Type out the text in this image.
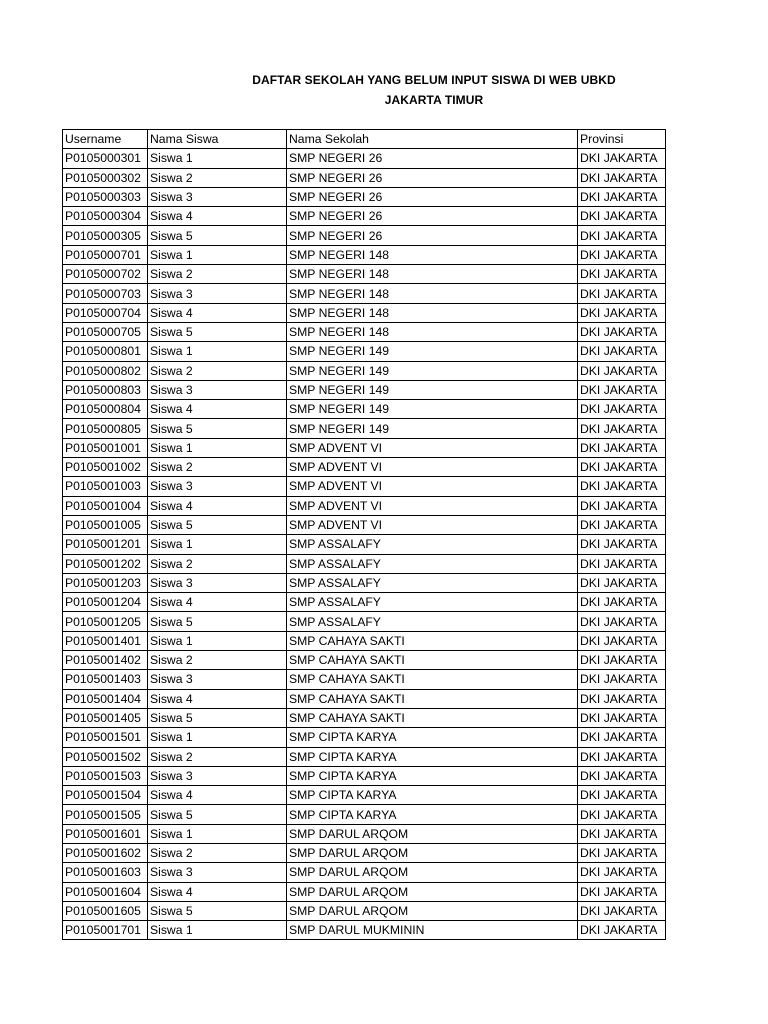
DAFTAR SEKOLAH YANG BELUM INPUT SISWA DI WEB UBKD
JAKARTA TIMUR
Username	Nama Siswa	Nama Sekolah	Provinsi
P0105000301	Siswa 1	SMP NEGERI 26	DKI JAKARTA
P0105000302	Siswa 2	SMP NEGERI 26	DKI JAKARTA
P0105000303	Siswa 3	SMP NEGERI 26	DKI JAKARTA
P0105000304	Siswa 4	SMP NEGERI 26	DKI JAKARTA
P0105000305	Siswa 5	SMP NEGERI 26	DKI JAKARTA
P0105000701	Siswa 1	SMP NEGERI 148	DKI JAKARTA
P0105000702	Siswa 2	SMP NEGERI 148	DKI JAKARTA
P0105000703	Siswa 3	SMP NEGERI 148	DKI JAKARTA
P0105000704	Siswa 4	SMP NEGERI 148	DKI JAKARTA
P0105000705	Siswa 5	SMP NEGERI 148	DKI JAKARTA
P0105000801	Siswa 1	SMP NEGERI 149	DKI JAKARTA
P0105000802	Siswa 2	SMP NEGERI 149	DKI JAKARTA
P0105000803	Siswa 3	SMP NEGERI 149	DKI JAKARTA
P0105000804	Siswa 4	SMP NEGERI 149	DKI JAKARTA
P0105000805	Siswa 5	SMP NEGERI 149	DKI JAKARTA
P0105001001	Siswa 1	SMP ADVENT VI	DKI JAKARTA
P0105001002	Siswa 2	SMP ADVENT VI	DKI JAKARTA
P0105001003	Siswa 3	SMP ADVENT VI	DKI JAKARTA
P0105001004	Siswa 4	SMP ADVENT VI	DKI JAKARTA
P0105001005	Siswa 5	SMP ADVENT VI	DKI JAKARTA
P0105001201	Siswa 1	SMP ASSALAFY	DKI JAKARTA
P0105001202	Siswa 2	SMP ASSALAFY	DKI JAKARTA
P0105001203	Siswa 3	SMP ASSALAFY	DKI JAKARTA
P0105001204	Siswa 4	SMP ASSALAFY	DKI JAKARTA
P0105001205	Siswa 5	SMP ASSALAFY	DKI JAKARTA
P0105001401	Siswa 1	SMP CAHAYA SAKTI	DKI JAKARTA
P0105001402	Siswa 2	SMP CAHAYA SAKTI	DKI JAKARTA
P0105001403	Siswa 3	SMP CAHAYA SAKTI	DKI JAKARTA
P0105001404	Siswa 4	SMP CAHAYA SAKTI	DKI JAKARTA
P0105001405	Siswa 5	SMP CAHAYA SAKTI	DKI JAKARTA
P0105001501	Siswa 1	SMP CIPTA KARYA	DKI JAKARTA
P0105001502	Siswa 2	SMP CIPTA KARYA	DKI JAKARTA
P0105001503	Siswa 3	SMP CIPTA KARYA	DKI JAKARTA
P0105001504	Siswa 4	SMP CIPTA KARYA	DKI JAKARTA
P0105001505	Siswa 5	SMP CIPTA KARYA	DKI JAKARTA
P0105001601	Siswa 1	SMP DARUL ARQOM	DKI JAKARTA
P0105001602	Siswa 2	SMP DARUL ARQOM	DKI JAKARTA
P0105001603	Siswa 3	SMP DARUL ARQOM	DKI JAKARTA
P0105001604	Siswa 4	SMP DARUL ARQOM	DKI JAKARTA
P0105001605	Siswa 5	SMP DARUL ARQOM	DKI JAKARTA
P0105001701	Siswa 1	SMP DARUL MUKMININ	DKI JAKARTA
